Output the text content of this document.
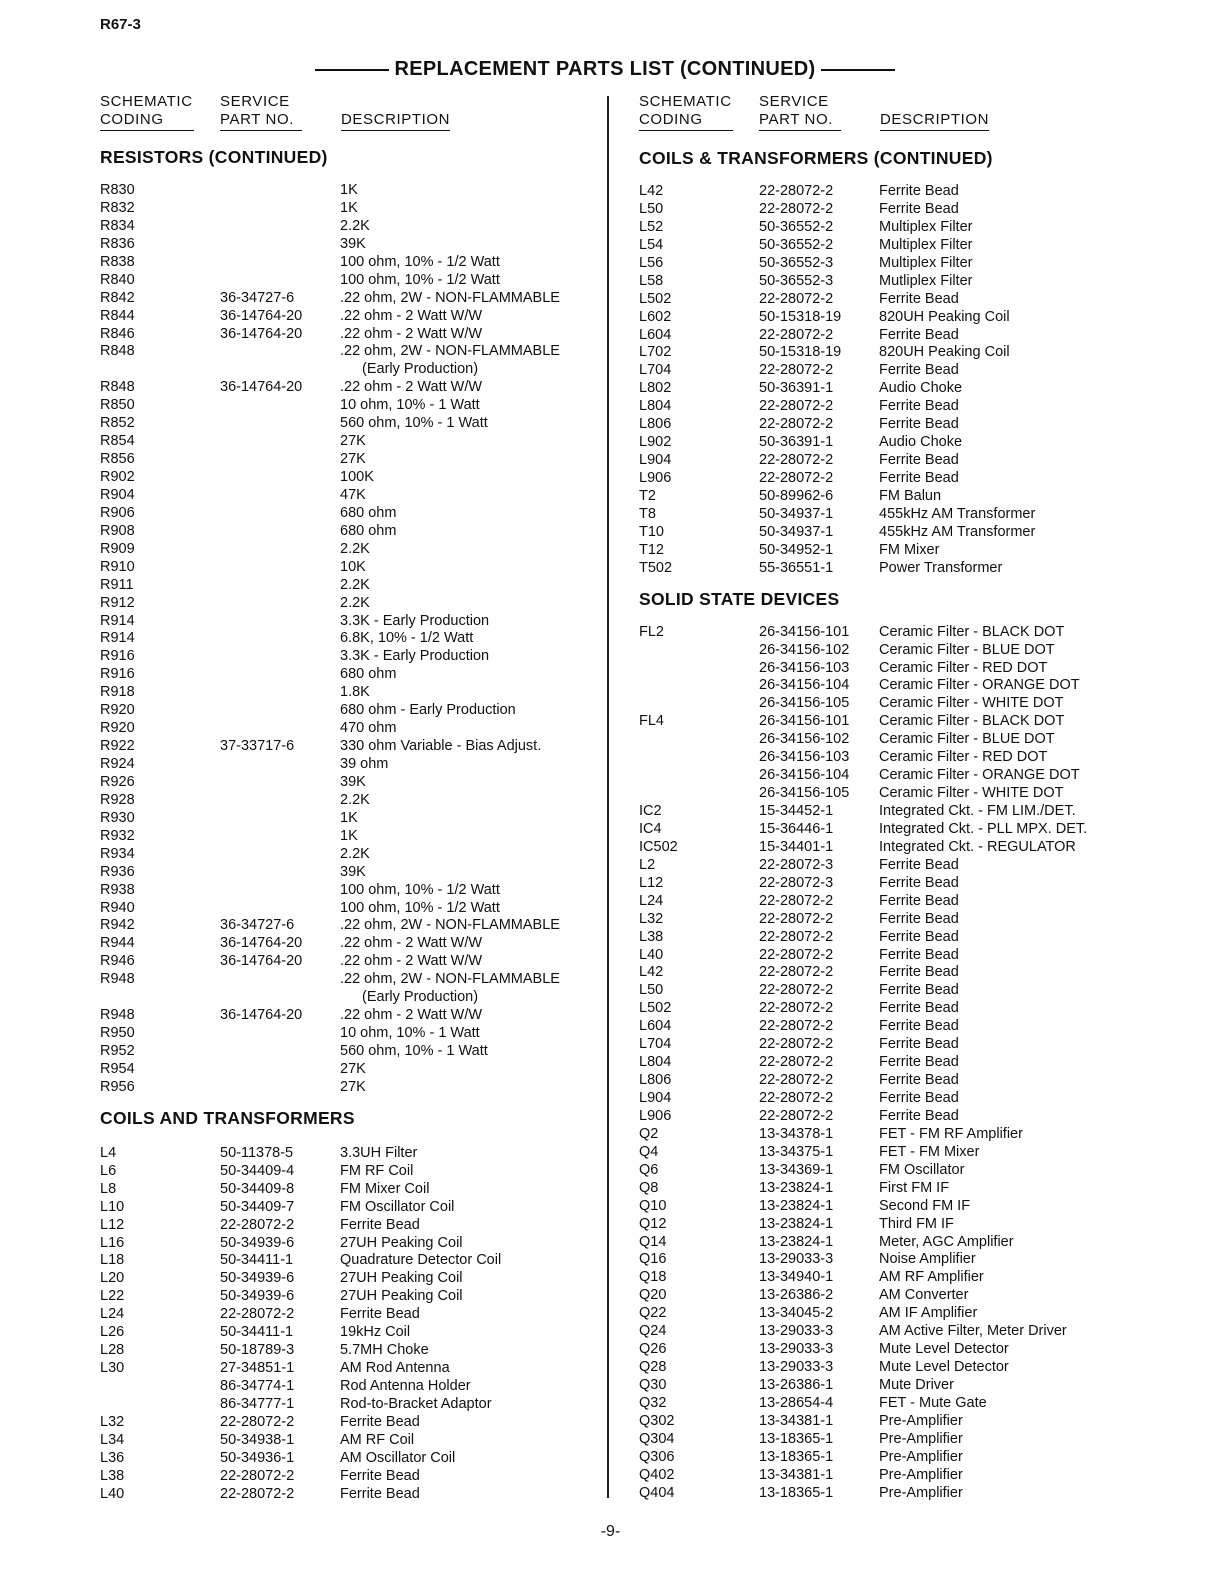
R67-3
REPLACEMENT PARTS LIST (CONTINUED)
SCHEMATIC
CODING
SERVICE
PART NO.	DESCRIPTION
SCHEMATIC
CODING
SERVICE
PART NO.	DESCRIPTION
RESISTORS (CONTINUED)
R830	1K
R832	1K
R834	2.2K
R836	39K
R838	100 ohm, 10% - 1/2 Watt
R840	100 ohm, 10% - 1/2 Watt
R842	36-34727-6	.22 ohm, 2W - NON-FLAMMABLE
R844	36-14764-20	.22 ohm - 2 Watt W/W
R846	36-14764-20	.22 ohm - 2 Watt W/W
R848	.22 ohm, 2W - NON-FLAMMABLE
(Early Production)
R848	36-14764-20	.22 ohm - 2 Watt W/W
R850	10 ohm, 10% - 1 Watt
R852	560 ohm, 10% - 1 Watt
R854	27K
R856	27K
R902	100K
R904	47K
R906	680 ohm
R908	680 ohm
R909	2.2K
R910	10K
R911	2.2K
R912	2.2K
R914	3.3K - Early Production
R914	6.8K, 10% - 1/2 Watt
R916	3.3K - Early Production
R916	680 ohm
R918	1.8K
R920	680 ohm - Early Production
R920	470 ohm
R922	37-33717-6	330 ohm Variable - Bias Adjust.
R924	39 ohm
R926	39K
R928	2.2K
R930	1K
R932	1K
R934	2.2K
R936	39K
R938	100 ohm, 10% - 1/2 Watt
R940	100 ohm, 10% - 1/2 Watt
R942	36-34727-6	.22 ohm, 2W - NON-FLAMMABLE
R944	36-14764-20	.22 ohm - 2 Watt W/W
R946	36-14764-20	.22 ohm - 2 Watt W/W
R948	.22 ohm, 2W - NON-FLAMMABLE
(Early Production)
R948	36-14764-20	.22 ohm - 2 Watt W/W
R950	10 ohm, 10% - 1 Watt
R952	560 ohm, 10% - 1 Watt
R954	27K
R956	27K
COILS AND TRANSFORMERS
L4	50-11378-5	3.3UH Filter
L6	50-34409-4	FM RF Coil
L8	50-34409-8	FM Mixer Coil
L10	50-34409-7	FM Oscillator Coil
L12	22-28072-2	Ferrite Bead
L16	50-34939-6	27UH Peaking Coil
L18	50-34411-1	Quadrature Detector Coil
L20	50-34939-6	27UH Peaking Coil
L22	50-34939-6	27UH Peaking Coil
L24	22-28072-2	Ferrite Bead
L26	50-34411-1	19kHz Coil
L28	50-18789-3	5.7MH Choke
L30	27-34851-1	AM Rod Antenna
86-34774-1	Rod Antenna Holder
86-34777-1	Rod-to-Bracket Adaptor
L32	22-28072-2	Ferrite Bead
L34	50-34938-1	AM RF Coil
L36	50-34936-1	AM Oscillator Coil
L38	22-28072-2	Ferrite Bead
L40	22-28072-2	Ferrite Bead
COILS & TRANSFORMERS (CONTINUED)
L42	22-28072-2	Ferrite Bead
L50	22-28072-2	Ferrite Bead
L52	50-36552-2	Multiplex Filter
L54	50-36552-2	Multiplex Filter
L56	50-36552-3	Multiplex Filter
L58	50-36552-3	Mutliplex Filter
L502	22-28072-2	Ferrite Bead
L602	50-15318-19	820UH Peaking Coil
L604	22-28072-2	Ferrite Bead
L702	50-15318-19	820UH Peaking Coil
L704	22-28072-2	Ferrite Bead
L802	50-36391-1	Audio Choke
L804	22-28072-2	Ferrite Bead
L806	22-28072-2	Ferrite Bead
L902	50-36391-1	Audio Choke
L904	22-28072-2	Ferrite Bead
L906	22-28072-2	Ferrite Bead
T2	50-89962-6	FM Balun
T8	50-34937-1	455kHz AM Transformer
T10	50-34937-1	455kHz AM Transformer
T12	50-34952-1	FM Mixer
T502	55-36551-1	Power Transformer
SOLID STATE DEVICES
FL2	26-34156-101 Ceramic Filter - BLACK DOT
26-34156-102 Ceramic Filter - BLUE DOT
26-34156-103 Ceramic Filter - RED DOT
26-34156-104 Ceramic Filter - ORANGE DOT
26-34156-105 Ceramic Filter - WHITE DOT
FL4	26-34156-101 Ceramic Filter - BLACK DOT
26-34156-102 Ceramic Filter - BLUE DOT
26-34156-103 Ceramic Filter - RED DOT
26-34156-104 Ceramic Filter - ORANGE DOT
26-34156-105 Ceramic Filter - WHITE DOT
IC2	15-34452-1	Integrated Ckt. - FM LIM./DET.
IC4	15-36446-1	Integrated Ckt. - PLL MPX. DET.
IC502	15-34401-1	Integrated Ckt. - REGULATOR
L2	22-28072-3	Ferrite Bead
L12	22-28072-3	Ferrite Bead
L24	22-28072-2	Ferrite Bead
L32	22-28072-2	Ferrite Bead
L38	22-28072-2	Ferrite Bead
L40	22-28072-2	Ferrite Bead
L42	22-28072-2	Ferrite Bead
L50	22-28072-2	Ferrite Bead
L502	22-28072-2	Ferrite Bead
L604	22-28072-2	Ferrite Bead
L704	22-28072-2	Ferrite Bead
L804	22-28072-2	Ferrite Bead
L806	22-28072-2	Ferrite Bead
L904	22-28072-2	Ferrite Bead
L906	22-28072-2	Ferrite Bead
Q2	13-34378-1	FET - FM RF Amplifier
Q4	13-34375-1	FET - FM Mixer
Q6	13-34369-1	FM Oscillator
Q8	13-23824-1	First FM IF
Q10	13-23824-1	Second FM IF
Q12	13-23824-1	Third FM IF
Q14	13-23824-1	Meter, AGC Amplifier
Q16	13-29033-3	Noise Amplifier
Q18	13-34940-1	AM RF Amplifier
Q20	13-26386-2	AM Converter
Q22	13-34045-2	AM IF Amplifier
Q24	13-29033-3	AM Active Filter, Meter Driver
Q26	13-29033-3	Mute Level Detector
Q28	13-29033-3	Mute Level Detector
Q30	13-26386-1	Mute Driver
Q32	13-28654-4	FET - Mute Gate
Q302	13-34381-1	Pre-Amplifier
Q304	13-18365-1	Pre-Amplifier
Q306	13-18365-1	Pre-Amplifier
Q402	13-34381-1	Pre-Amplifier
Q404	13-18365-1	Pre-Amplifier
-9-
